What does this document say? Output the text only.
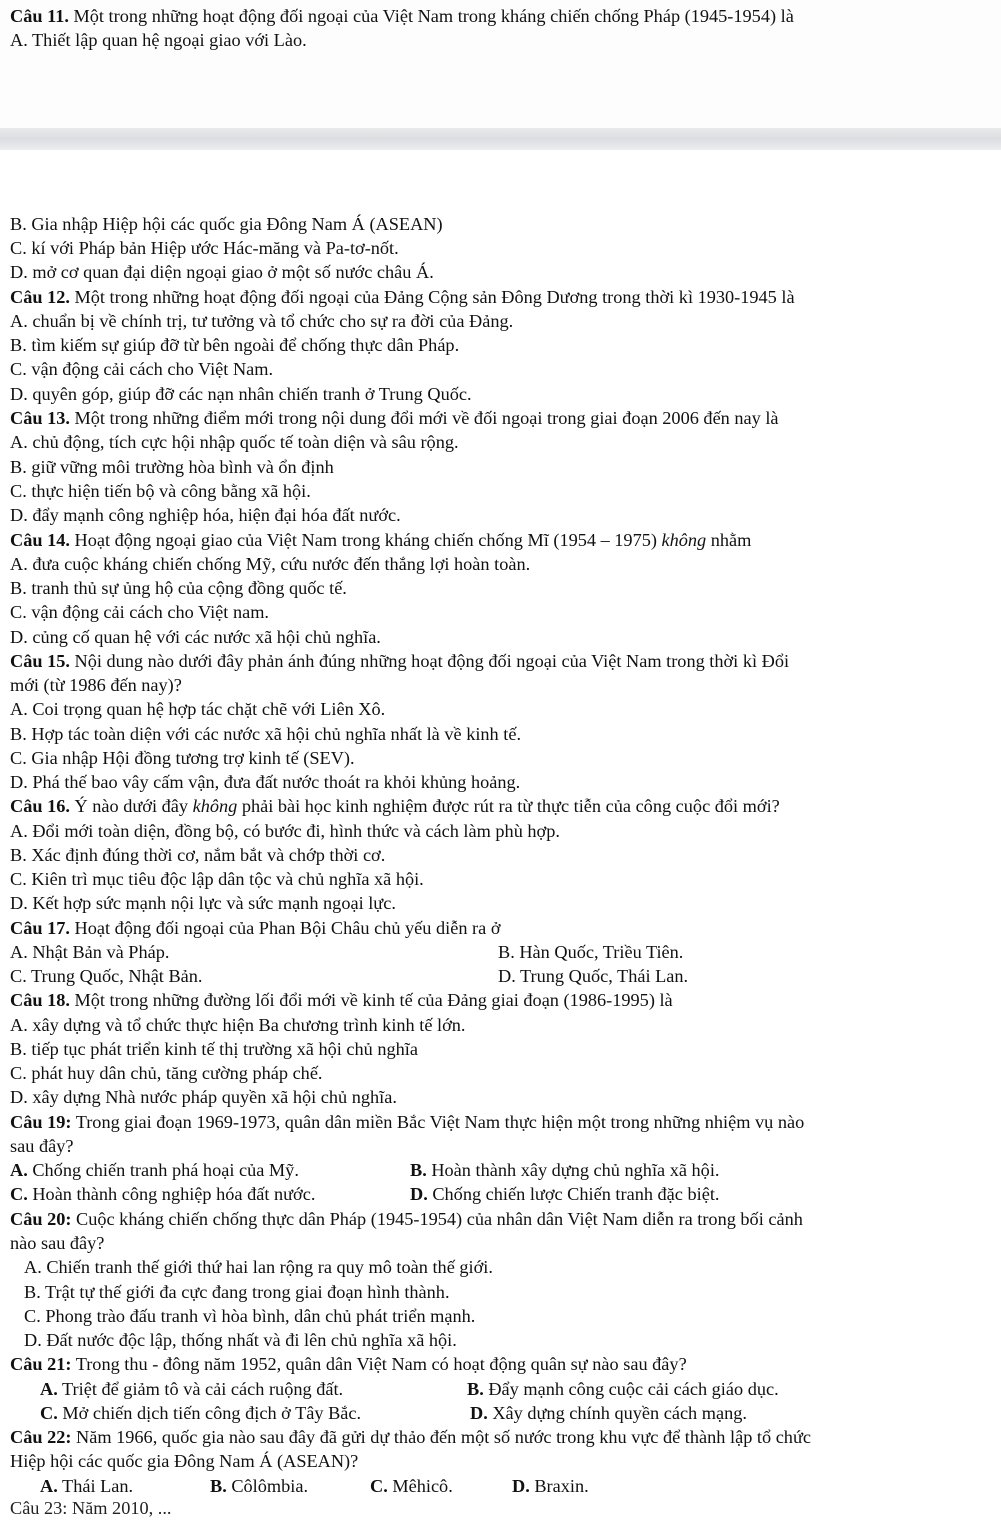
Câu 11. Một trong những hoạt động đối ngoại của Việt Nam trong kháng chiến chống Pháp (1945-1954) là
A. Thiết lập quan hệ ngoại giao với Lào.
B. Gia nhập Hiệp hội các quốc gia Đông Nam Á (ASEAN)
C. kí với Pháp bản Hiệp ước Hác-măng và Pa-tơ-nốt.
D. mở cơ quan đại diện ngoại giao ở một số nước châu Á.
Câu 12. Một trong những hoạt động đối ngoại của Đảng Cộng sản Đông Dương trong thời kì 1930-1945 là
A. chuẩn bị về chính trị, tư tưởng và tổ chức cho sự ra đời của Đảng.
B. tìm kiếm sự giúp đỡ từ bên ngoài để chống thực dân Pháp.
C. vận động cải cách cho Việt Nam.
D. quyên góp, giúp đỡ các nạn nhân chiến tranh ở Trung Quốc.
Câu 13. Một trong những điểm mới trong nội dung đổi mới về đối ngoại trong giai đoạn 2006 đến nay là
A. chủ động, tích cực hội nhập quốc tế toàn diện và sâu rộng.
B. giữ vững môi trường hòa bình và ổn định
C. thực hiện tiến bộ và công bằng xã hội.
D. đẩy mạnh công nghiệp hóa, hiện đại hóa đất nước.
Câu 14. Hoạt động ngoại giao của Việt Nam trong kháng chiến chống Mĩ (1954 – 1975) không nhằm
A. đưa cuộc kháng chiến chống Mỹ, cứu nước đến thắng lợi hoàn toàn.
B. tranh thủ sự ủng hộ của cộng đồng quốc tế.
C. vận động cải cách cho Việt nam.
D. củng cố quan hệ với các nước xã hội chủ nghĩa.
Câu 15. Nội dung nào dưới đây phản ánh đúng những hoạt động đối ngoại của Việt Nam trong thời kì Đổi
mới (từ 1986 đến nay)?
A. Coi trọng quan hệ hợp tác chặt chẽ với Liên Xô.
B. Hợp tác toàn diện với các nước xã hội chủ nghĩa nhất là về kinh tế.
C. Gia nhập Hội đồng tương trợ kinh tế (SEV).
D. Phá thế bao vây cấm vận, đưa đất nước thoát ra khỏi khủng hoảng.
Câu 16. Ý nào dưới đây không phải bài học kinh nghiệm được rút ra từ thực tiễn của công cuộc đổi mới?
A. Đổi mới toàn diện, đồng bộ, có bước đi, hình thức và cách làm phù hợp.
B. Xác định đúng thời cơ, nắm bắt và chớp thời cơ.
C. Kiên trì mục tiêu độc lập dân tộc và chủ nghĩa xã hội.
D. Kết hợp sức mạnh nội lực và sức mạnh ngoại lực.
Câu 17. Hoạt động đối ngoại của Phan Bội Châu chủ yếu diễn ra ở
A. Nhật Bản và Pháp.	B. Hàn Quốc, Triều Tiên.
C. Trung Quốc, Nhật Bản.	D. Trung Quốc, Thái Lan.
Câu 18. Một trong những đường lối đổi mới về kinh tế của Đảng giai đoạn (1986-1995) là
A. xây dựng và tổ chức thực hiện Ba chương trình kinh tế lớn.
B. tiếp tục phát triển kinh tế thị trường xã hội chủ nghĩa
C. phát huy dân chủ, tăng cường pháp chế.
D. xây dựng Nhà nước pháp quyền xã hội chủ nghĩa.
Câu 19: Trong giai đoạn 1969-1973, quân dân miền Bắc Việt Nam thực hiện một trong những nhiệm vụ nào
sau đây?
A. Chống chiến tranh phá hoại của Mỹ.	B. Hoàn thành xây dựng chủ nghĩa xã hội.
C. Hoàn thành công nghiệp hóa đất nước.	D. Chống chiến lược Chiến tranh đặc biệt.
Câu 20: Cuộc kháng chiến chống thực dân Pháp (1945-1954) của nhân dân Việt Nam diễn ra trong bối cảnh
nào sau đây?
A. Chiến tranh thế giới thứ hai lan rộng ra quy mô toàn thế giới.
B. Trật tự thế giới đa cực đang trong giai đoạn hình thành.
C. Phong trào đấu tranh vì hòa bình, dân chủ phát triển mạnh.
D. Đất nước độc lập, thống nhất và đi lên chủ nghĩa xã hội.
Câu 21: Trong thu - đông năm 1952, quân dân Việt Nam có hoạt động quân sự nào sau đây?
A. Triệt để giảm tô và cải cách ruộng đất.	B. Đẩy mạnh công cuộc cải cách giáo dục.
C. Mở chiến dịch tiến công địch ở Tây Bắc.	D. Xây dựng chính quyền cách mạng.
Câu 22: Năm 1966, quốc gia nào sau đây đã gửi dự thảo đến một số nước trong khu vực để thành lập tổ chức
Hiệp hội các quốc gia Đông Nam Á (ASEAN)?
A. Thái Lan.	B. Côlômbia.	C. Mêhicô.	D. Braxin.
Câu 23: Năm 2010, ...
